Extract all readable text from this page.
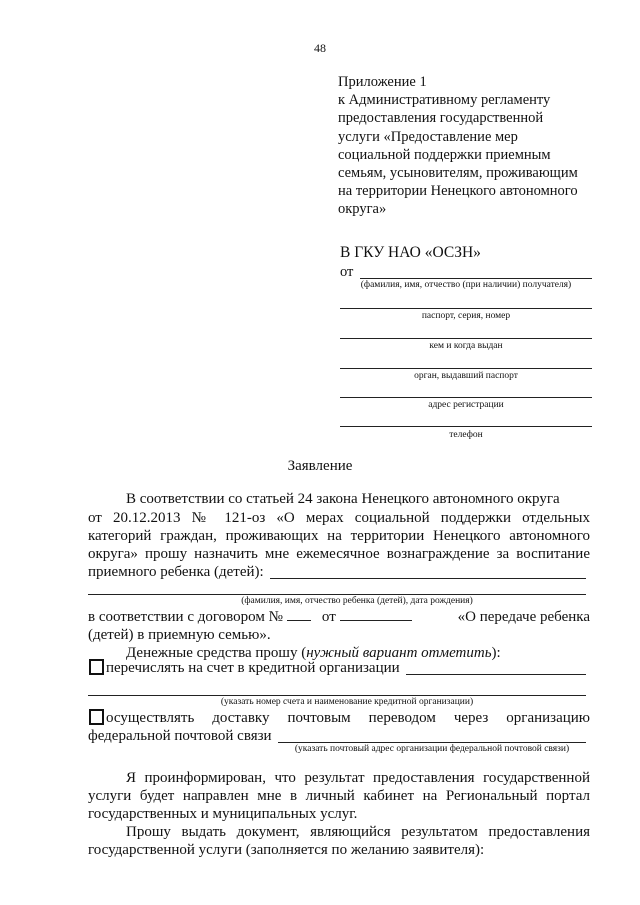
48
Приложение 1
к Административному регламенту
предоставления государственной
услуги «Предоставление мер
социальной поддержки приемным
семьям, усыновителям, проживающим
на территории Ненецкого автономного
округа»
В ГКУ НАО «ОСЗН»
от
(фамилия, имя, отчество (при наличии) получателя)
паспорт, серия, номер
кем и когда выдан
орган, выдавший паспорт
адрес регистрации
телефон
Заявление
В соответствии со статьей 24 закона Ненецкого автономного округа
от 20.12.2013 № 121-оз «О мерах социальной поддержки отдельных
категорий граждан, проживающих на территории Ненецкого автономного
округа» прошу назначить мне ежемесячное вознаграждение за воспитание
приемного ребенка (детей):
(фамилия, имя, отчество ребенка (детей), дата рождения)
в соответствии с договором №	от	«О передаче ребенка
(детей) в приемную семью».
Денежные средства прошу (нужный вариант отметить):
перечислять на счет в кредитной организации
(указать номер счета и наименование кредитной организации)
осуществлять доставку почтовым переводом через организацию
федеральной почтовой связи
(указать почтовый адрес организации федеральной почтовой связи)
Я проинформирован, что результат предоставления государственной
услуги будет направлен мне в личный кабинет на Региональный портал
государственных и муниципальных услуг.
Прошу выдать документ, являющийся результатом предоставления
государственной услуги (заполняется по желанию заявителя):
